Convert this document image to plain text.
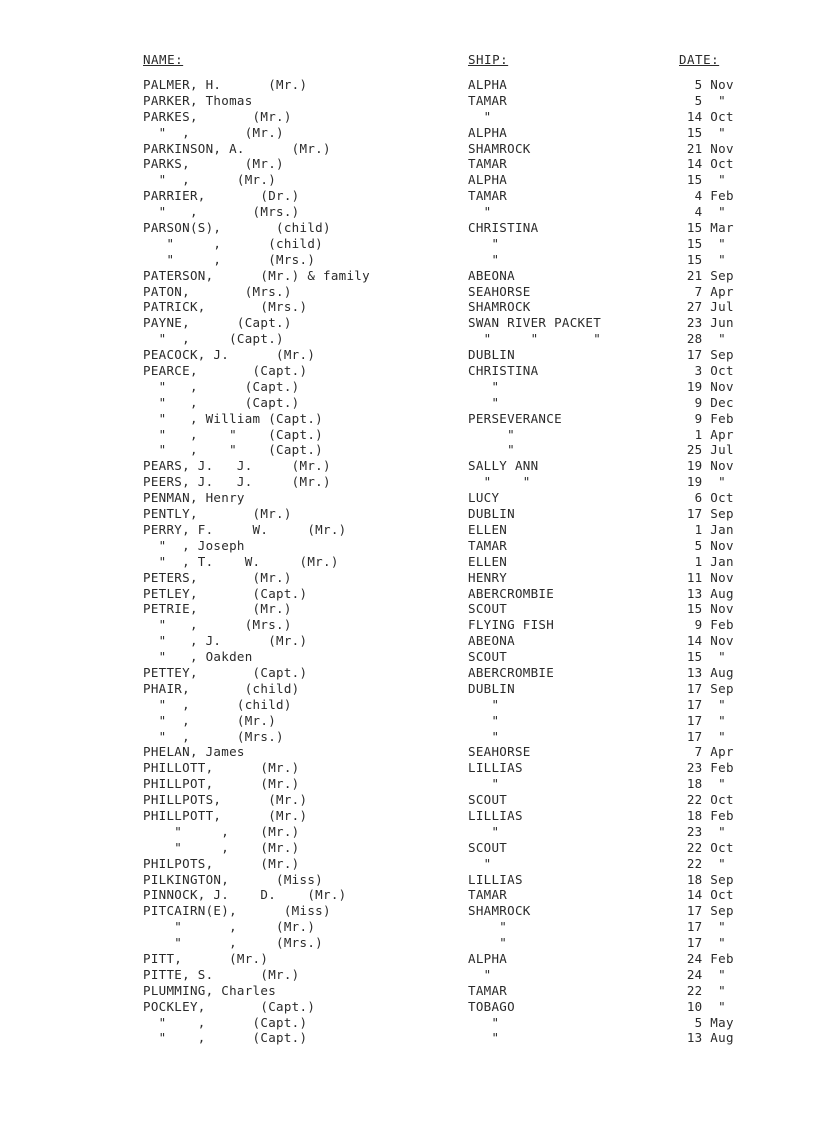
NAME:	SHIP:	DATE:
PALMER, H.      (Mr.)	ALPHA	5 Nov
PARKER, Thomas	TAMAR	5  "
PARKES,       (Mr.)	"	14 Oct
"  ,       (Mr.)	ALPHA	15  "
PARKINSON, A.      (Mr.)	SHAMROCK	21 Nov
PARKS,       (Mr.)	TAMAR	14 Oct
"  ,      (Mr.)	ALPHA	15  "
PARRIER,       (Dr.)	TAMAR	4 Feb
"   ,       (Mrs.)	"	4  "
PARSON(S),       (child)	CHRISTINA	15 Mar
"     ,      (child)	"	15  "
"     ,      (Mrs.)	"	15  "
PATERSON,      (Mr.) & family	ABEONA	21 Sep
PATON,       (Mrs.)	SEAHORSE	7 Apr
PATRICK,       (Mrs.)	SHAMROCK	27 Jul
PAYNE,      (Capt.)	SWAN RIVER PACKET	23 Jun
"  ,     (Capt.)	"     "       "	28  "
PEACOCK, J.      (Mr.)	DUBLIN	17 Sep
PEARCE,       (Capt.)	CHRISTINA	3 Oct
"   ,      (Capt.)	"	19 Nov
"   ,      (Capt.)	"	9 Dec
"   , William (Capt.)	PERSEVERANCE	9 Feb
"   ,    "    (Capt.)	"	1 Apr
"   ,    "    (Capt.)	"	25 Jul
PEARS, J.   J.     (Mr.)	SALLY ANN	19 Nov
PEERS, J.   J.     (Mr.)	"    "	19  "
PENMAN, Henry	LUCY	6 Oct
PENTLY,       (Mr.)	DUBLIN	17 Sep
PERRY, F.     W.     (Mr.)	ELLEN	1 Jan
"  , Joseph	TAMAR	5 Nov
"  , T.    W.     (Mr.)	ELLEN	1 Jan
PETERS,       (Mr.)	HENRY	11 Nov
PETLEY,       (Capt.)	ABERCROMBIE	13 Aug
PETRIE,       (Mr.)	SCOUT	15 Nov
"   ,      (Mrs.)	FLYING FISH	9 Feb
"   , J.      (Mr.)	ABEONA	14 Nov
"   , Oakden	SCOUT	15  "
PETTEY,       (Capt.)	ABERCROMBIE	13 Aug
PHAIR,       (child)	DUBLIN	17 Sep
"  ,      (child)	"	17  "
"  ,      (Mr.)	"	17  "
"  ,      (Mrs.)	"	17  "
PHELAN, James	SEAHORSE	7 Apr
PHILLOTT,      (Mr.)	LILLIAS	23 Feb
PHILLPOT,      (Mr.)	"	18  "
PHILLPOTS,      (Mr.)	SCOUT	22 Oct
PHILLPOTT,      (Mr.)	LILLIAS	18 Feb
"     ,    (Mr.)	"	23  "
"     ,    (Mr.)	SCOUT	22 Oct
PHILPOTS,      (Mr.)	"	22  "
PILKINGTON,      (Miss)	LILLIAS	18 Sep
PINNOCK, J.    D.    (Mr.)	TAMAR	14 Oct
PITCAIRN(E),      (Miss)	SHAMROCK	17 Sep
"      ,     (Mr.)	"	17  "
"      ,     (Mrs.)	"	17  "
PITT,      (Mr.)	ALPHA	24 Feb
PITTE, S.      (Mr.)	"	24  "
PLUMMING, Charles	TAMAR	22  "
POCKLEY,       (Capt.)	TOBAGO	10  "
"    ,      (Capt.)	"	5 May
"    ,      (Capt.)	"	13 Aug
